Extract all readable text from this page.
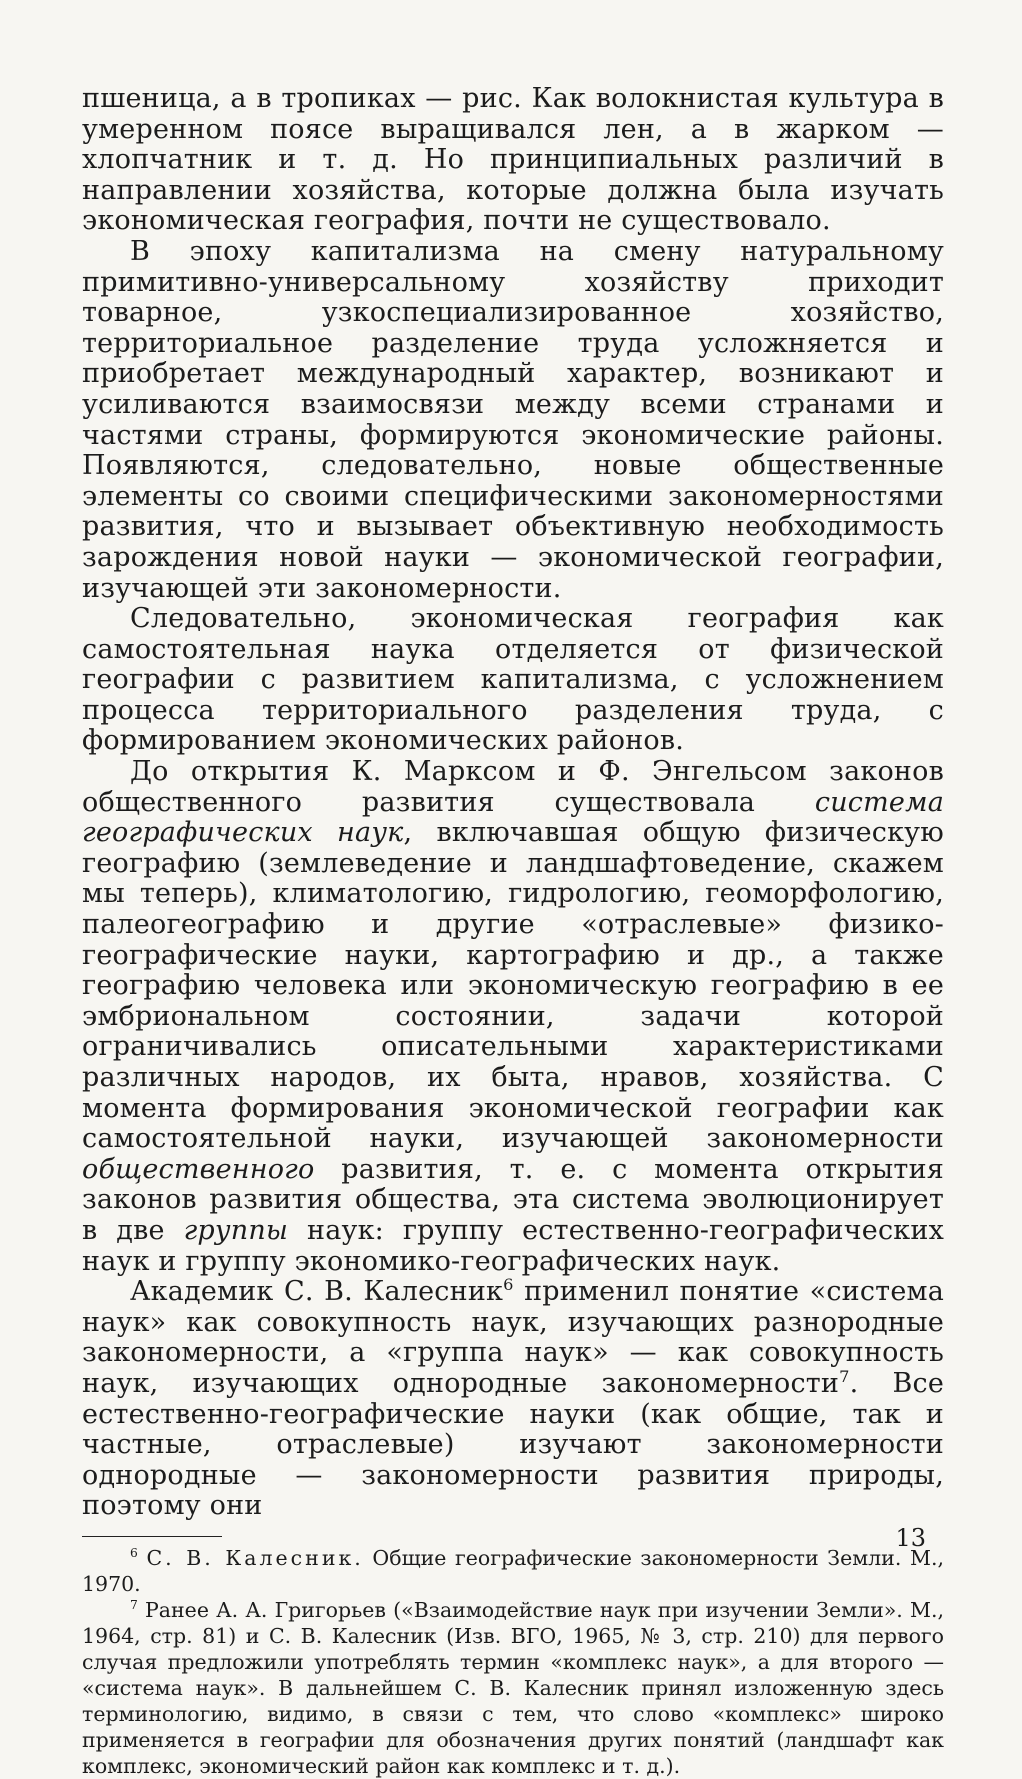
пшеница, а в тропиках — рис. Как волокнистая культура в умеренном поясе выращивался лен, а в жарком — хлопчатник и т. д. Но принципиальных различий в направлении хозяйства, которые должна была изучать экономическая география, почти не существовало.

В эпоху капитализма на смену натуральному примитивно-универсальному хозяйству приходит товарное, узкоспециализированное хозяйство, территориальное разделение труда усложняется и приобретает международный характер, возникают и усиливаются взаимосвязи между всеми странами и частями страны, формируются экономические районы. Появляются, следовательно, новые общественные элементы со своими специфическими закономерностями развития, что и вызывает объективную необходимость зарождения новой науки — экономической географии, изучающей эти закономерности.

Следовательно, экономическая география как самостоятельная наука отделяется от физической географии с развитием капитализма, с усложнением процесса территориального разделения труда, с формированием экономических районов.

До открытия К. Марксом и Ф. Энгельсом законов общественного развития существовала система географических наук, включавшая общую физическую географию (землеведение и ландшафтоведение, скажем мы теперь), климатологию, гидрологию, геоморфологию, палеогеографию и другие «отраслевые» физико-географические науки, картографию и др., а также географию человека или экономическую географию в ее эмбриональном состоянии, задачи которой ограничивались описательными характеристиками различных народов, их быта, нравов, хозяйства. С момента формирования экономической географии как самостоятельной науки, изучающей закономерности общественного развития, т. е. с момента открытия законов развития общества, эта система эволюционирует в две группы наук: группу естественно-географических наук и группу экономико-географических наук.

Академик С. В. Калесник$^6$ применил понятие «система наук» как совокупность наук, изучающих разнородные закономерности, а «группа наук» — как совокупность наук, изучающих однородные закономерности$^7$. Все естественно-географические науки (как общие, так и частные, отраслевые) изучают закономерности однородные — закономерности развития природы, поэтому они

$^6$ С. В. Калесник. Общие географические закономерности Земли. М., 1970.

$^7$ Ранее А. А. Григорьев («Взаимодействие наук при изучении Земли». М., 1964, стр. 81) и С. В. Калесник (Изв. ВГО, 1965, № 3, стр. 210) для первого случая предложили употреблять термин «комплекс наук», а для второго — «система наук». В дальнейшем С. В. Калесник принял изложенную здесь терминологию, видимо, в связи с тем, что слово «комплекс» широко применяется в географии для обозначения других понятий (ландшафт как комплекс, экономический район как комплекс и т. д.).

13
